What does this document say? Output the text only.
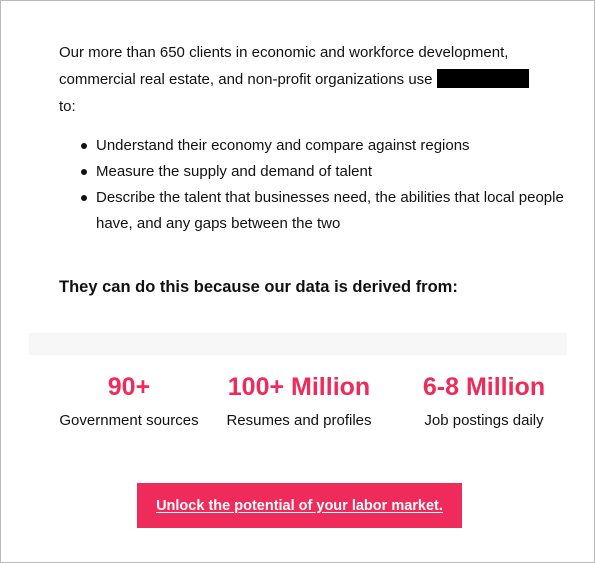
Our more than 650 clients in economic and workforce development,
commercial real estate, and non-profit organizations use
to:

Understand their economy and compare against regions
Measure the supply and demand of talent
Describe the talent that businesses need, the abilities that local people have, and any gaps between the two

They can do this because our data is derived from:

90+
Government sources
100+ Million
Resumes and profiles
6-8 Million
Job postings daily
Unlock the potential of your labor market.
